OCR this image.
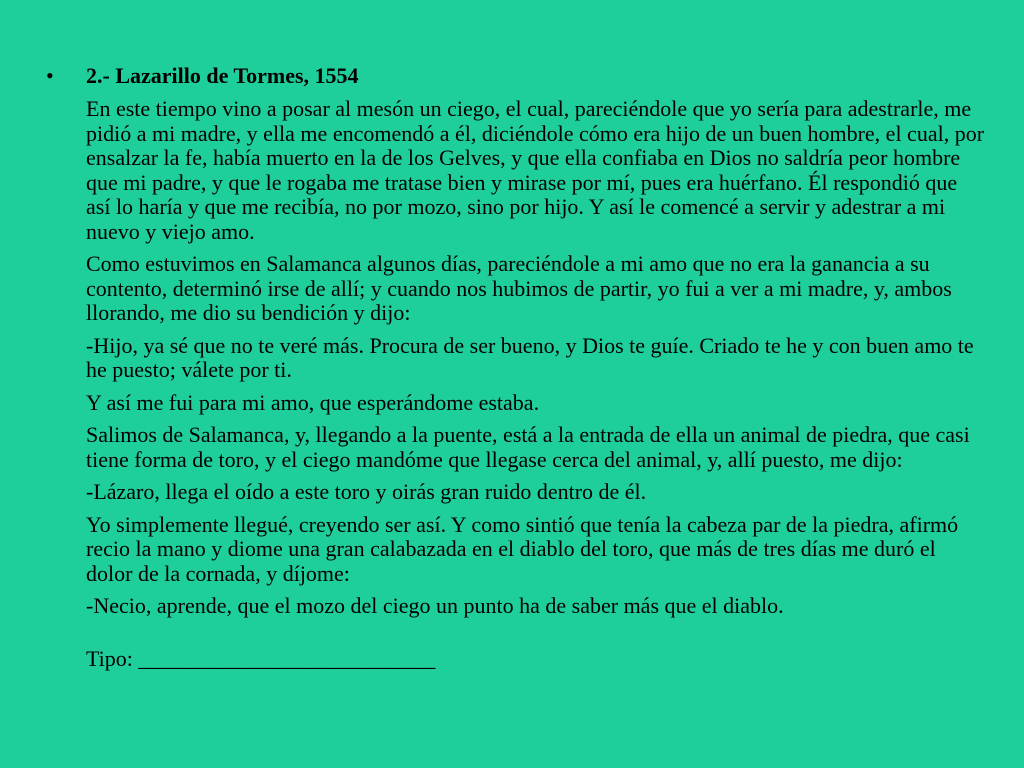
• 2.- Lazarillo de Tormes, 1554
En este tiempo vino a posar al mesón un ciego, el cual, pareciéndole que yo sería para adestrarle, me pidió a mi madre, y ella me encomendó a él, diciéndole cómo era hijo de un buen hombre, el cual, por ensalzar la fe, había muerto en la de los Gelves, y que ella confiaba en Dios no saldría peor hombre que mi padre, y que le rogaba me tratase bien y mirase por mí, pues era huérfano. Él respondió que así lo haría y que me recibía, no por mozo, sino por hijo. Y así le comencé a servir y adestrar a mi nuevo y viejo amo.
Como estuvimos en Salamanca algunos días, pareciéndole a mi amo que no era la ganancia a su contento, determinó irse de allí; y cuando nos hubimos de partir, yo fui a ver a mi madre, y, ambos llorando, me dio su bendición y dijo:
-Hijo, ya sé que no te veré más. Procura de ser bueno, y Dios te guíe. Criado te he y con buen amo te he puesto; válete por ti.
Y así me fui para mi amo, que esperándome estaba.
Salimos de Salamanca, y, llegando a la puente, está a la entrada de ella un animal de piedra, que casi tiene forma de toro, y el ciego mandóme que llegase cerca del animal, y, allí puesto, me dijo:
-Lázaro, llega el oído a este toro y oirás gran ruido dentro de él.
Yo simplemente llegué, creyendo ser así. Y como sintió que tenía la cabeza par de la piedra, afirmó recio la mano y diome una gran calabazada en el diablo del toro, que más de tres días me duró el dolor de la cornada, y díjome:
-Necio, aprende, que el mozo del ciego un punto ha de saber más que el diablo.
Tipo: ___________________________
